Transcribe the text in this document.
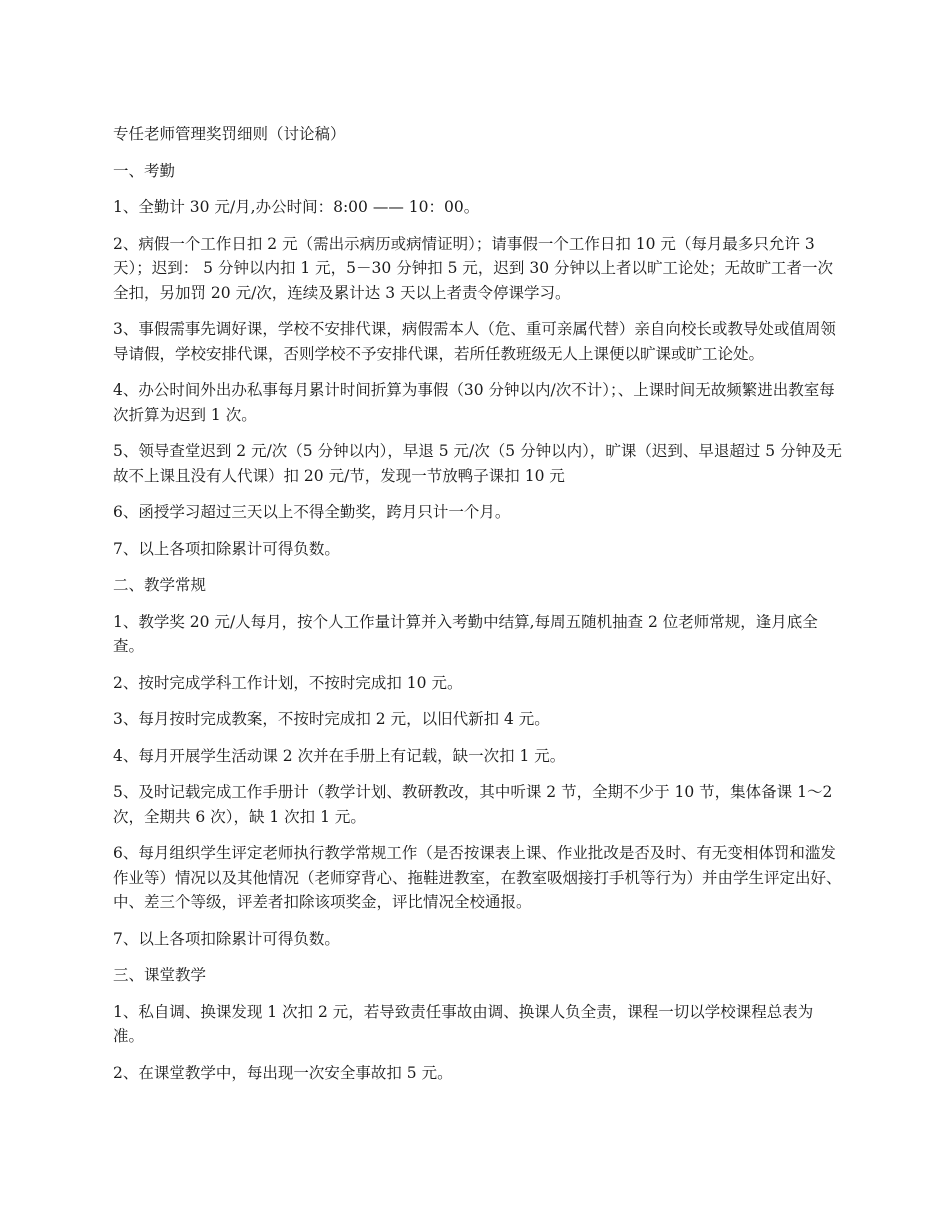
专任老师管理奖罚细则（讨论稿）

一、考勤

1、全勤计 30 元/月,办公时间：8:00 —— 10：00。

2、病假一个工作日扣 2 元（需出示病历或病情证明）；请事假一个工作日扣 10 元（每月最多只允许 3 天）；迟到： 5 分钟以内扣 1 元，5－30 分钟扣 5 元，迟到 30 分钟以上者以旷工论处；无故旷工者一次全扣，另加罚 20 元/次，连续及累计达 3 天以上者责令停课学习。

3、事假需事先调好课，学校不安排代课，病假需本人（危、重可亲属代替）亲自向校长或教导处或值周领导请假，学校安排代课，否则学校不予安排代课，若所任教班级无人上课便以旷课或旷工论处。

4、办公时间外出办私事每月累计时间折算为事假（30 分钟以内/次不计）；、上课时间无故频繁进出教室每次折算为迟到 1 次。

5、领导查堂迟到 2 元/次（5 分钟以内），早退 5 元/次（5 分钟以内），旷课（迟到、早退超过 5 分钟及无故不上课且没有人代课）扣 20 元/节，发现一节放鸭子课扣 10 元

6、函授学习超过三天以上不得全勤奖，跨月只计一个月。

7、以上各项扣除累计可得负数。

二、教学常规

1、教学奖 20 元/人每月，按个人工作量计算并入考勤中结算,每周五随机抽查 2 位老师常规，逢月底全查。

2、按时完成学科工作计划，不按时完成扣 10 元。

3、每月按时完成教案，不按时完成扣 2 元，以旧代新扣 4 元。

4、每月开展学生活动课 2 次并在手册上有记载，缺一次扣 1 元。

5、及时记载完成工作手册计（教学计划、教研教改，其中听课 2 节，全期不少于 10 节，集体备课 1～2 次，全期共 6 次），缺 1 次扣 1 元。

6、每月组织学生评定老师执行教学常规工作（是否按课表上课、作业批改是否及时、有无变相体罚和滥发作业等）情况以及其他情况（老师穿背心、拖鞋进教室，在教室吸烟接打手机等行为）并由学生评定出好、中、差三个等级，评差者扣除该项奖金，评比情况全校通报。

7、以上各项扣除累计可得负数。

三、课堂教学

1、私自调、换课发现 1 次扣 2 元，若导致责任事故由调、换课人负全责，课程一切以学校课程总表为准。

2、在课堂教学中，每出现一次安全事故扣 5 元。
